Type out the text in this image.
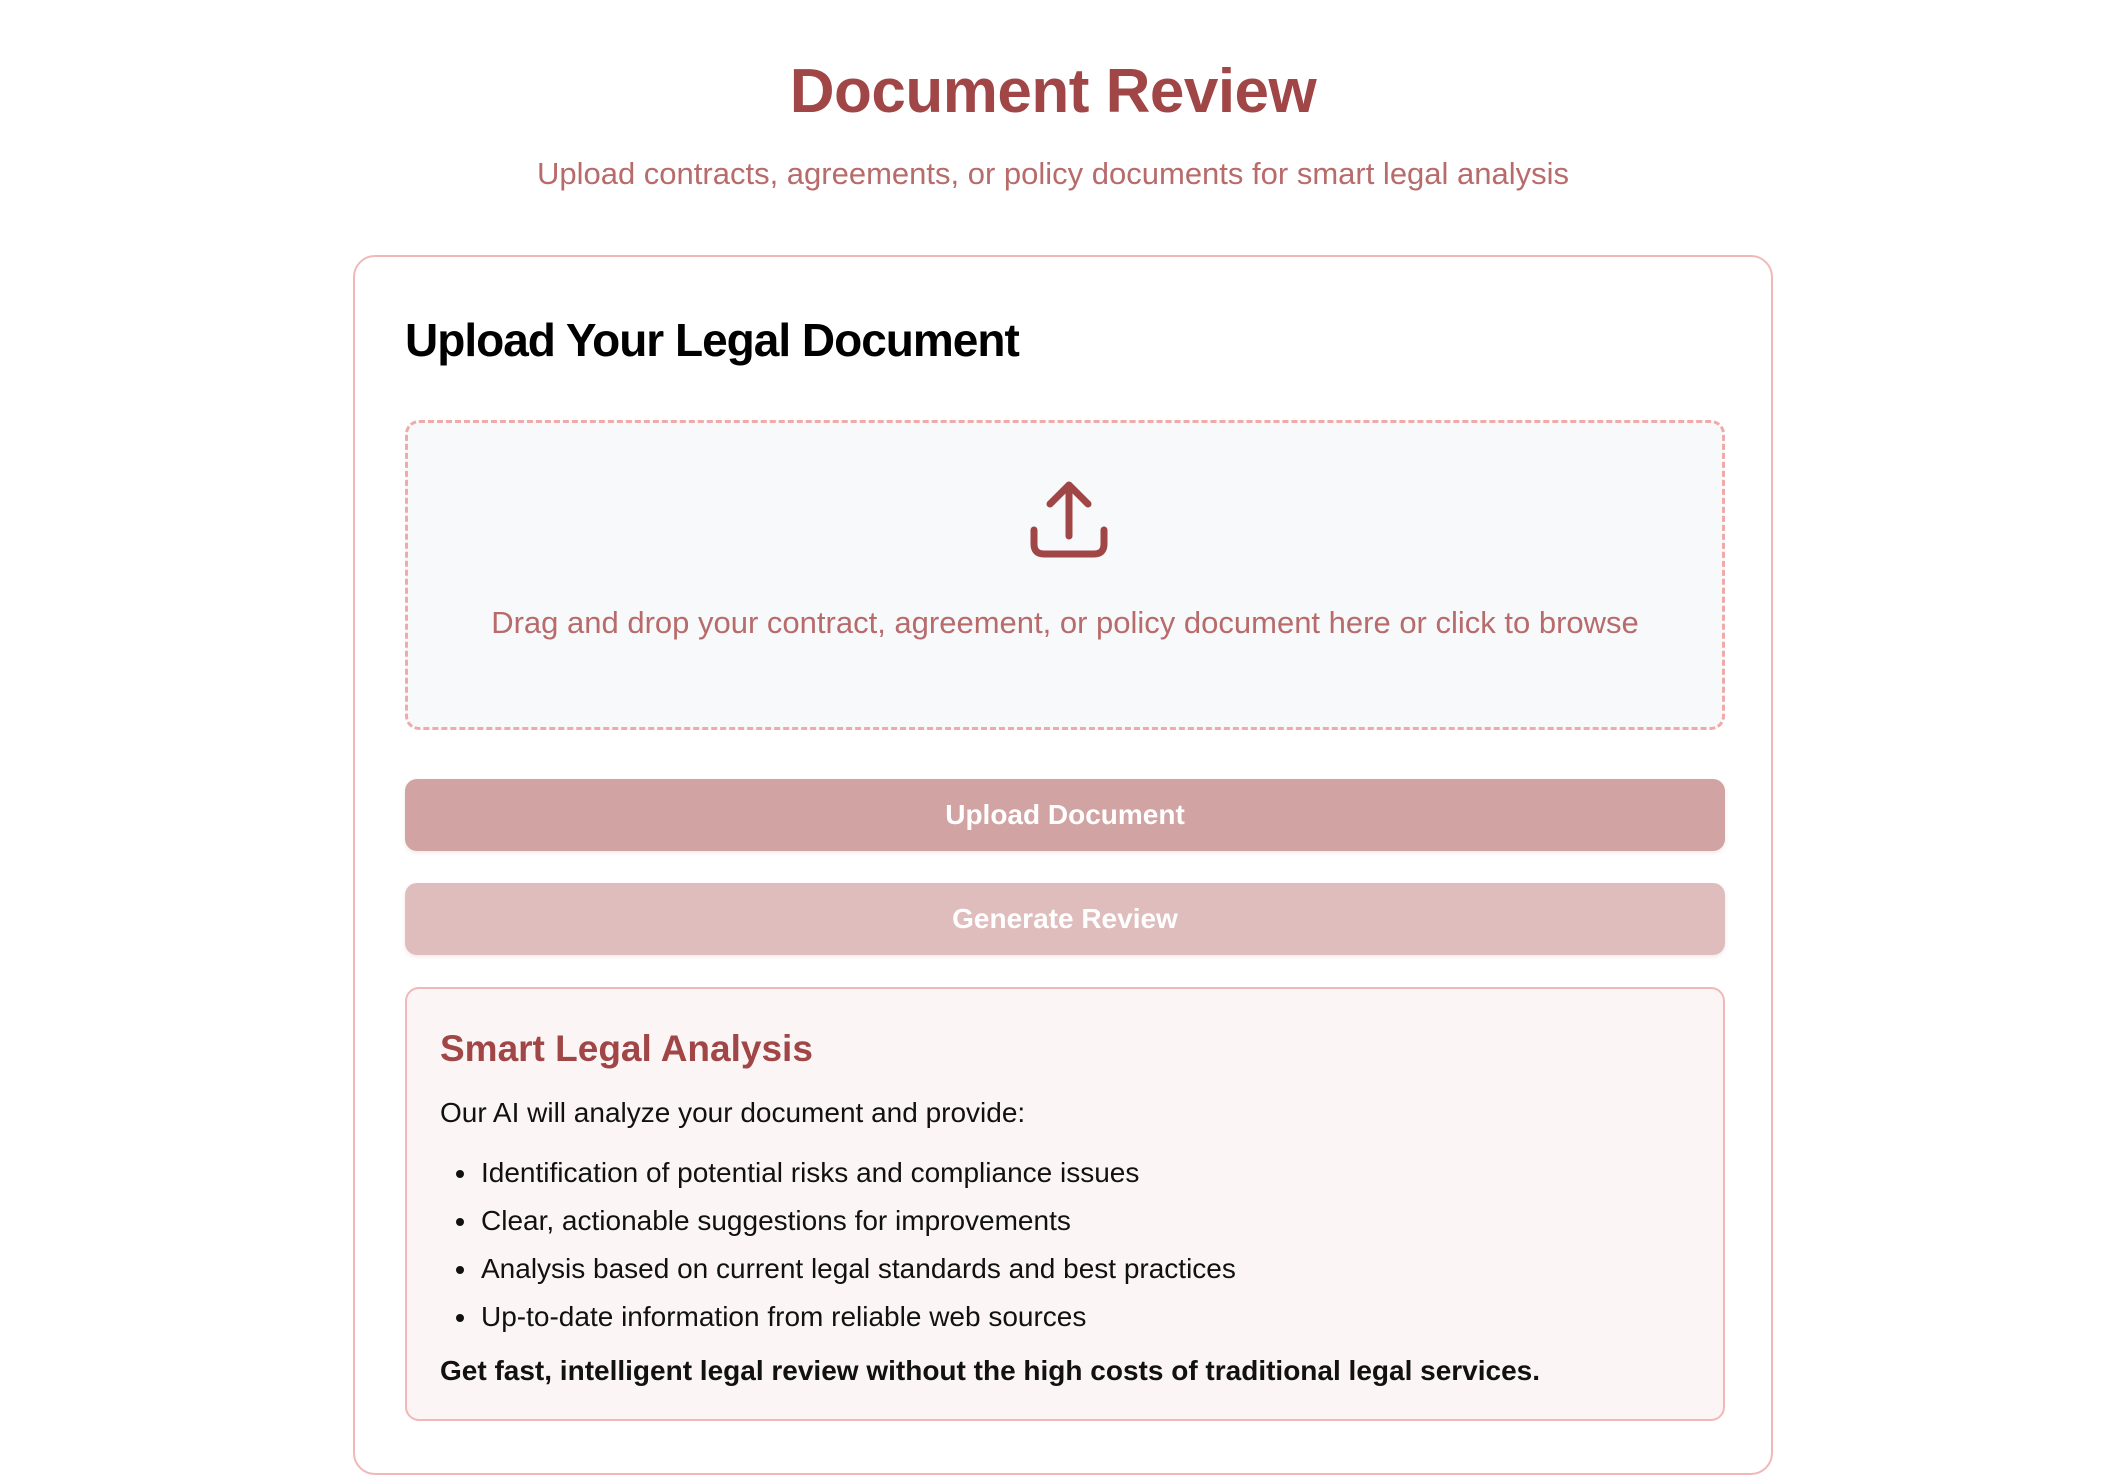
Document Review

Upload contracts, agreements, or policy documents for smart legal analysis

Upload Your Legal Document
Drag and drop your contract, agreement, or policy document here or click to browse
Upload Document
Generate Review
Smart Legal Analysis

Our AI will analyze your document and provide:

• Identification of potential risks and compliance issues
• Clear, actionable suggestions for improvements
• Analysis based on current legal standards and best practices
• Up-to-date information from reliable web sources

Get fast, intelligent legal review without the high costs of traditional legal services.
